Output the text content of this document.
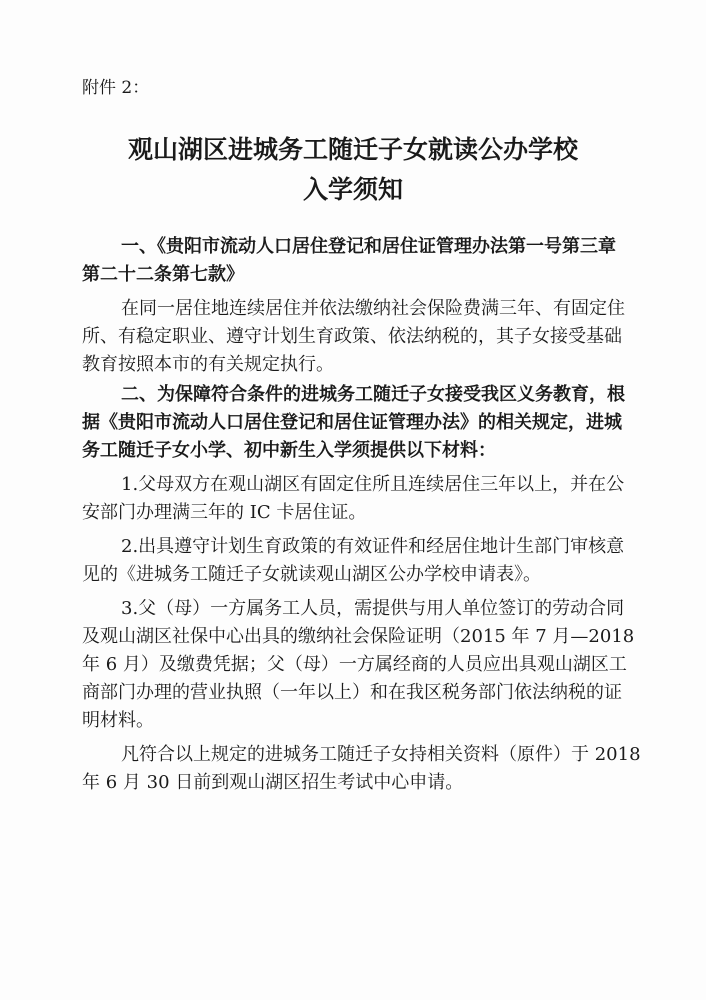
附件 2：
观山湖区进城务工随迁子女就读公办学校
入学须知
一、《贵阳市流动人口居住登记和居住证管理办法第一号第三章
第二十二条第七款》
在同一居住地连续居住并依法缴纳社会保险费满三年、有固定住
所、有稳定职业、遵守计划生育政策、依法纳税的，其子女接受基础
教育按照本市的有关规定执行。
二、为保障符合条件的进城务工随迁子女接受我区义务教育，根
据《贵阳市流动人口居住登记和居住证管理办法》的相关规定，进城
务工随迁子女小学、初中新生入学须提供以下材料：
1.父母双方在观山湖区有固定住所且连续居住三年以上，并在公
安部门办理满三年的 IC 卡居住证。
2.出具遵守计划生育政策的有效证件和经居住地计生部门审核意
见的《进城务工随迁子女就读观山湖区公办学校申请表》。
3.父（母）一方属务工人员，需提供与用人单位签订的劳动合同
及观山湖区社保中心出具的缴纳社会保险证明（2015 年 7 月—2018
年 6 月）及缴费凭据；父（母）一方属经商的人员应出具观山湖区工
商部门办理的营业执照（一年以上）和在我区税务部门依法纳税的证
明材料。
凡符合以上规定的进城务工随迁子女持相关资料（原件）于 2018
年 6 月 30 日前到观山湖区招生考试中心申请。
